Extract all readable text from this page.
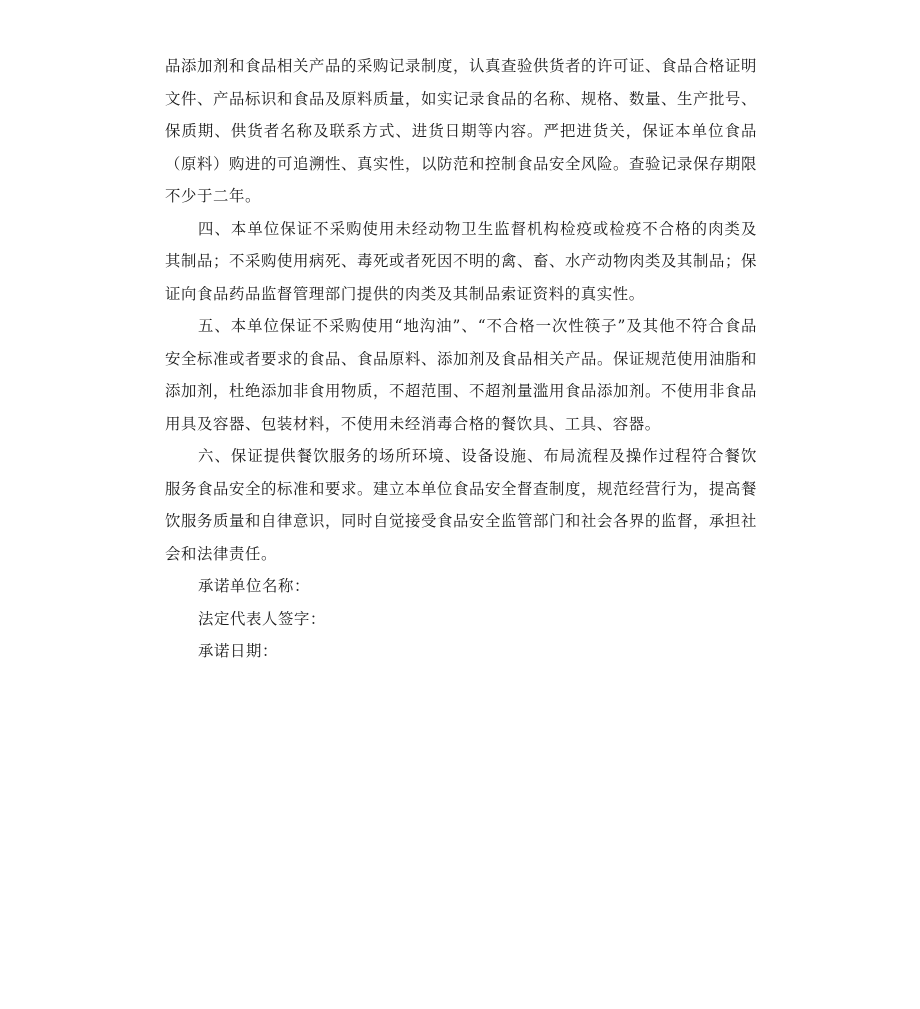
品添加剂和食品相关产品的采购记录制度，认真查验供货者的许可证、食品合格证明文件、产品标识和食品及原料质量，如实记录食品的名称、规格、数量、生产批号、保质期、供货者名称及联系方式、进货日期等内容。严把进货关，保证本单位食品（原料）购进的可追溯性、真实性，以防范和控制食品安全风险。查验记录保存期限不少于二年。

四、本单位保证不采购使用未经动物卫生监督机构检疫或检疫不合格的肉类及其制品；不采购使用病死、毒死或者死因不明的禽、畜、水产动物肉类及其制品；保证向食品药品监督管理部门提供的肉类及其制品索证资料的真实性。

五、本单位保证不采购使用“地沟油”、“不合格一次性筷子”及其他不符合食品安全标准或者要求的食品、食品原料、添加剂及食品相关产品。保证规范使用油脂和添加剂，杜绝添加非食用物质，不超范围、不超剂量滥用食品添加剂。不使用非食品用具及容器、包装材料，不使用未经消毒合格的餐饮具、工具、容器。

六、保证提供餐饮服务的场所环境、设备设施、布局流程及操作过程符合餐饮服务食品安全的标准和要求。建立本单位食品安全督查制度，规范经营行为，提高餐饮服务质量和自律意识，同时自觉接受食品安全监管部门和社会各界的监督，承担社会和法律责任。

承诺单位名称：

法定代表人签字：

承诺日期：
